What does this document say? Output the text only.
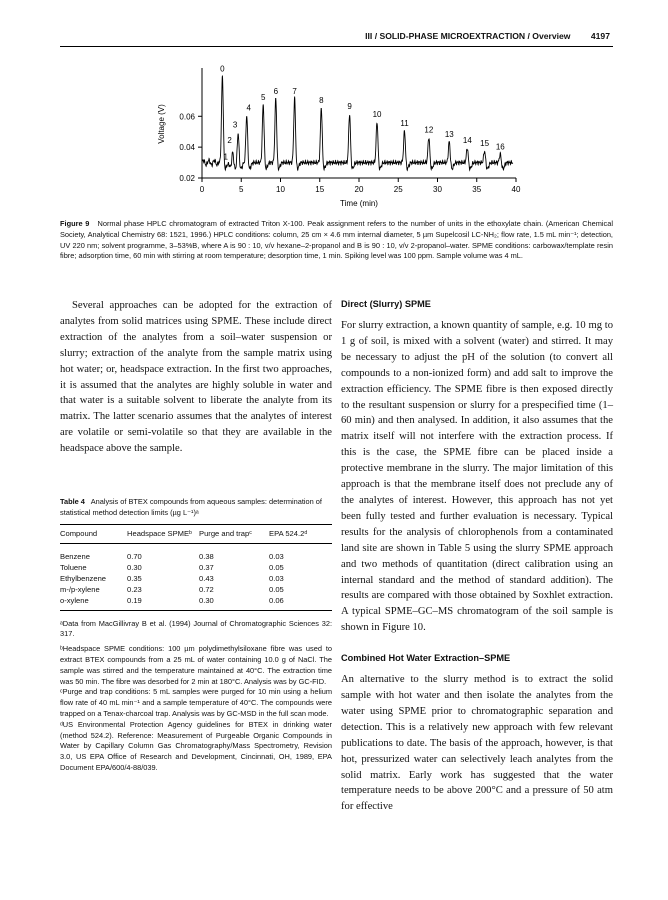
III / SOLID-PHASE MICROEXTRACTION / Overview 4197
0.02
0.04
0.06
0	5	10	15	20	25	30	35	40
Time (min)
Voltage (V)
0
1
2
3
4
5
6 7
8
9
10
11
12
13
14 15 16
Figure 9 Normal phase HPLC chromatogram of extracted Triton X-100. Peak assignment refers to the number of units in the ethoxylate chain. (American Chemical Society, Analytical Chemistry 68: 1521, 1996.) HPLC conditions: column, 25 cm × 4.6 mm internal diameter, 5 µm Supelcosil LC-NH₂; flow rate, 1.5 mL min⁻¹; detection, UV 220 nm; solvent programme, 3–53%B, where A is 90 : 10, v/v hexane–2-propanol and B is 90 : 10, v/v 2-propanol–water. SPME conditions: carbowax/template resin fibre; adsorption time, 60 min with stirring at room temperature; desorption time, 1 min. Spiking level was 100 ppm. Sample volume was 4 mL.

Several approaches can be adopted for the extraction of analytes from solid matrices using SPME. These include direct extraction of the analytes from a soil–water suspension or slurry; extraction of the analyte from the sample matrix using hot water; or, headspace extraction. In the first two approaches, it is assumed that the analytes are highly soluble in water and that water is a suitable solvent to liberate the analyte from its matrix. The latter scenario assumes that the analytes of interest are volatile or semi-volatile so that they are available in the headspace above the sample.

Table 4 Analysis of BTEX compounds from aqueous samples: determination of statistical method detection limits (µg L⁻¹)ᵃ

Compound	Headspace SPMEᵇ	Purge and trapᶜ	EPA 524.2ᵈ
Benzene	0.70	0.38	0.03
Toluene	0.30	0.37	0.05
Ethylbenzene	0.35	0.43	0.03
m-/p-xylene	0.23	0.72	0.05
o-xylene	0.19	0.30	0.06

ᵃData from MacGillivray B et al. (1994) Journal of Chromatographic Sciences 32: 317.

ᵇHeadspace SPME conditions: 100 µm polydimethylsiloxane fibre was used to extract BTEX compounds from a 25 mL of water containing 10.0 g of NaCl. The sample was stirred and the temperature maintained at 40°C. The extraction time was 50 min. The fibre was desorbed for 2 min at 180°C. Analysis was by GC-FID.

ᶜPurge and trap conditions: 5 mL samples were purged for 10 min using a helium flow rate of 40 mL min⁻¹ and a sample temperature of 40°C. The compounds were trapped on a Tenax-charcoal trap. Analysis was by GC-MSD in the full scan mode.

ᵈUS Environmental Protection Agency guidelines for BTEX in drinking water (method 524.2). Reference: Measurement of Purgeable Organic Compounds in Water by Capillary Column Gas Chromatography/Mass Spectrometry, Revision 3.0, US EPA Office of Research and Development, Cincinnati, OH, 1989, EPA Document EPA/600/4-88/039.

Direct (Slurry) SPME

For slurry extraction, a known quantity of sample, e.g. 10 mg to 1 g of soil, is mixed with a solvent (water) and stirred. It may be necessary to adjust the pH of the solution (to convert all compounds to a non-ionized form) and add salt to improve the extraction efficiency. The SPME fibre is then exposed directly to the resultant suspension or slurry for a prespecified time (1–60 min) and then analysed. In addition, it also assumes that the matrix itself will not interfere with the extraction process. If this is the case, the SPME fibre can be placed inside a protective membrane in the slurry. The major limitation of this approach is that the membrane itself does not preclude any of the analytes of interest. However, this approach has not yet been fully tested and further evaluation is necessary. Typical results for the analysis of chlorophenols from a contaminated land site are shown in Table 5 using the slurry SPME approach and two methods of quantitation (direct calibration using an internal standard and the method of standard addition). The results are compared with those obtained by Soxhlet extraction. A typical SPME–GC–MS chromatogram of the soil sample is shown in Figure 10.

Combined Hot Water Extraction–SPME

An alternative to the slurry method is to extract the solid sample with hot water and then isolate the analytes from the water using SPME prior to chromatographic separation and detection. This is a relatively new approach with few relevant publications to date. The basis of the approach, however, is that hot, pressurized water can selectively leach analytes from the solid matrix. Early work has suggested that the water temperature needs to be above 200°C and a pressure of 50 atm for effective
